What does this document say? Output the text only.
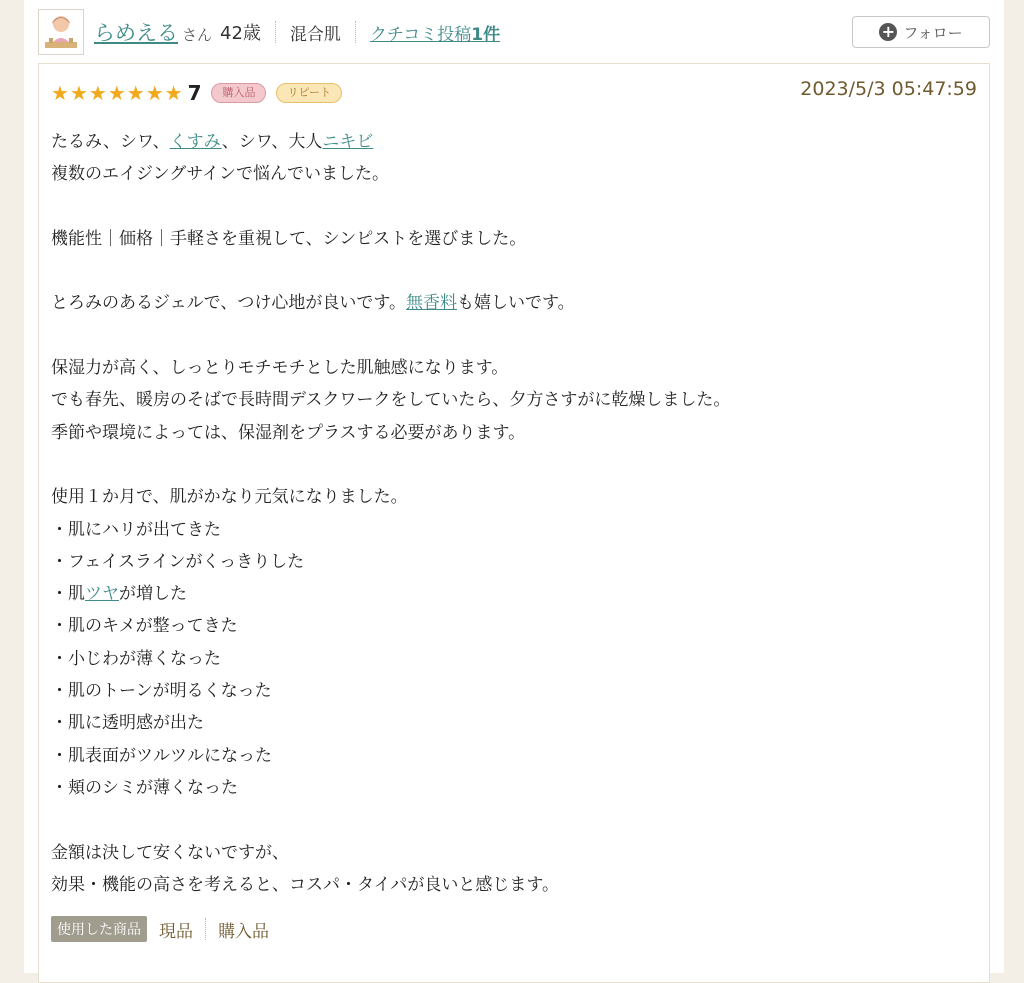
らめえる さん 42歳 混合肌 クチコミ投稿1件	+ フォロー
★ ★ ★ ★ ★ ★ ★ 7	購入品	リピート	2023/5/3 05:47:59
たるみ、シワ、くすみ、シワ、大人ニキビ
複数のエイジングサインで悩んでいました。

機能性｜価格｜手軽さを重視して、シンピストを選びました。

とろみのあるジェルで、つけ心地が良いです。無香料も嬉しいです。

保湿力が高く、しっとりモチモチとした肌触感になります。
でも春先、暖房のそばで長時間デスクワークをしていたら、夕方さすがに乾燥しました。
季節や環境によっては、保湿剤をプラスする必要があります。

使用１か月で、肌がかなり元気になりました。
・肌にハリが出てきた
・フェイスラインがくっきりした
・肌ツヤが増した
・肌のキメが整ってきた
・小じわが薄くなった
・肌のトーンが明るくなった
・肌に透明感が出た
・肌表面がツルツルになった
・頬のシミが薄くなった

金額は決して安くないですが、
効果・機能の高さを考えると、コスパ・タイパが良いと感じます。
使用した商品	現品 購入品
